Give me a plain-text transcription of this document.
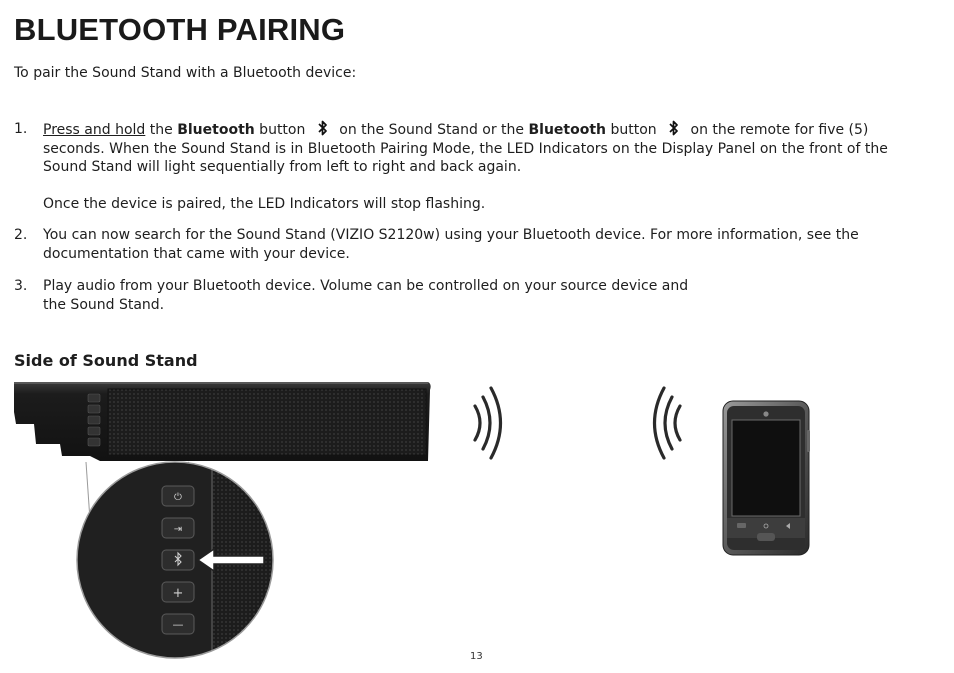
BLUETOOTH PAIRING
To pair the Sound Stand with a Bluetooth device:
1. Press and hold the Bluetooth button  on the Sound Stand or the Bluetooth button  on the remote for five (5) seconds. When the Sound Stand is in Bluetooth Pairing Mode, the LED Indicators on the Display Panel on the front of the Sound Stand will light sequentially from left to right and back again.
Once the device is paired, the LED Indicators will stop flashing.
2. You can now search for the Sound Stand (VIZIO S2120w) using your Bluetooth device. For more information, see the documentation that came with your device.
3. Play audio from your Bluetooth device. Volume can be controlled on your source device and
the Sound Stand.
Side of Sound Stand
⏻
⇥
+
—
13
